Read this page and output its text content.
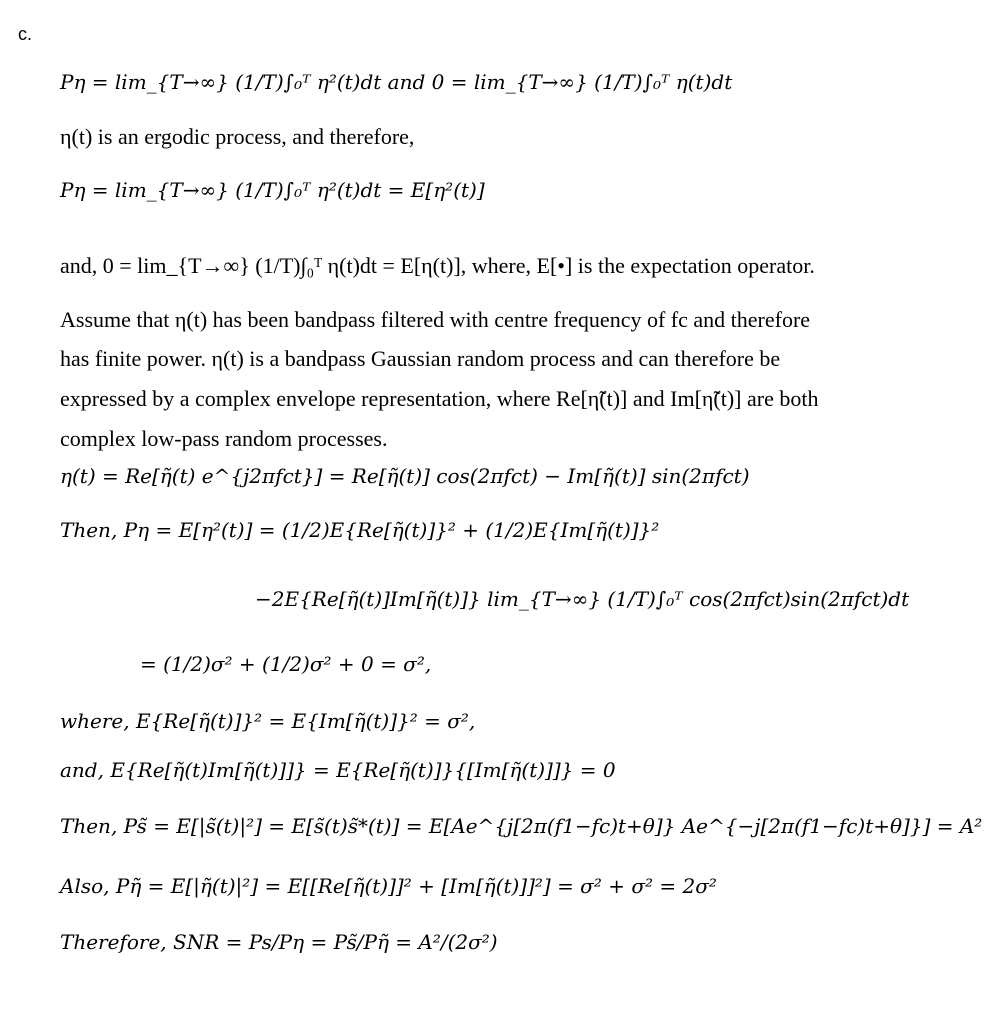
c.
Pη = lim_{T→∞} (1/T)∫₀ᵀ η²(t)dt and 0 = lim_{T→∞} (1/T)∫₀ᵀ η(t)dt
η(t) is an ergodic process, and therefore,
Pη = lim_{T→∞} (1/T)∫₀ᵀ η²(t)dt = E[η²(t)]
and, 0 = lim_{T→∞} (1/T)∫₀ᵀ η(t)dt = E[η(t)], where, E[•] is the expectation operator.
Assume that η(t) has been bandpass filtered with centre frequency of fc and therefore
has finite power. η(t) is a bandpass Gaussian random process and can therefore be
expressed by a complex envelope representation, where Re[η̃(t)] and Im[η̃(t)] are both
complex low-pass random processes.
η(t) = Re[η̃(t) e^{j2πfct}] = Re[η̃(t)] cos(2πfct) − Im[η̃(t)] sin(2πfct)
Then, Pη = E[η²(t)] = (1/2)E{Re[η̃(t)]}² + (1/2)E{Im[η̃(t)]}²
−2E{Re[η̃(t)]Im[η̃(t)]} lim_{T→∞} (1/T)∫₀ᵀ cos(2πfct)sin(2πfct)dt
= (1/2)σ² + (1/2)σ² + 0 = σ²,
where, E{Re[η̃(t)]}² = E{Im[η̃(t)]}² = σ²,
and, E{Re[η̃(t)Im[η̃(t)]]} = E{Re[η̃(t)]}{[Im[η̃(t)]]} = 0
Then, Ps̃ = E[|s̃(t)|²] = E[s̃(t)s̃*(t)] = E[Ae^{j[2π(f1−fc)t+θ]} Ae^{−j[2π(f1−fc)t+θ]}] = A²
Also, Pη̃ = E[|η̃(t)|²] = E[[Re[η̃(t)]]² + [Im[η̃(t)]]²] = σ² + σ² = 2σ²
Therefore, SNR = Ps/Pη = Ps̃/Pη̃ = A²/(2σ²)
